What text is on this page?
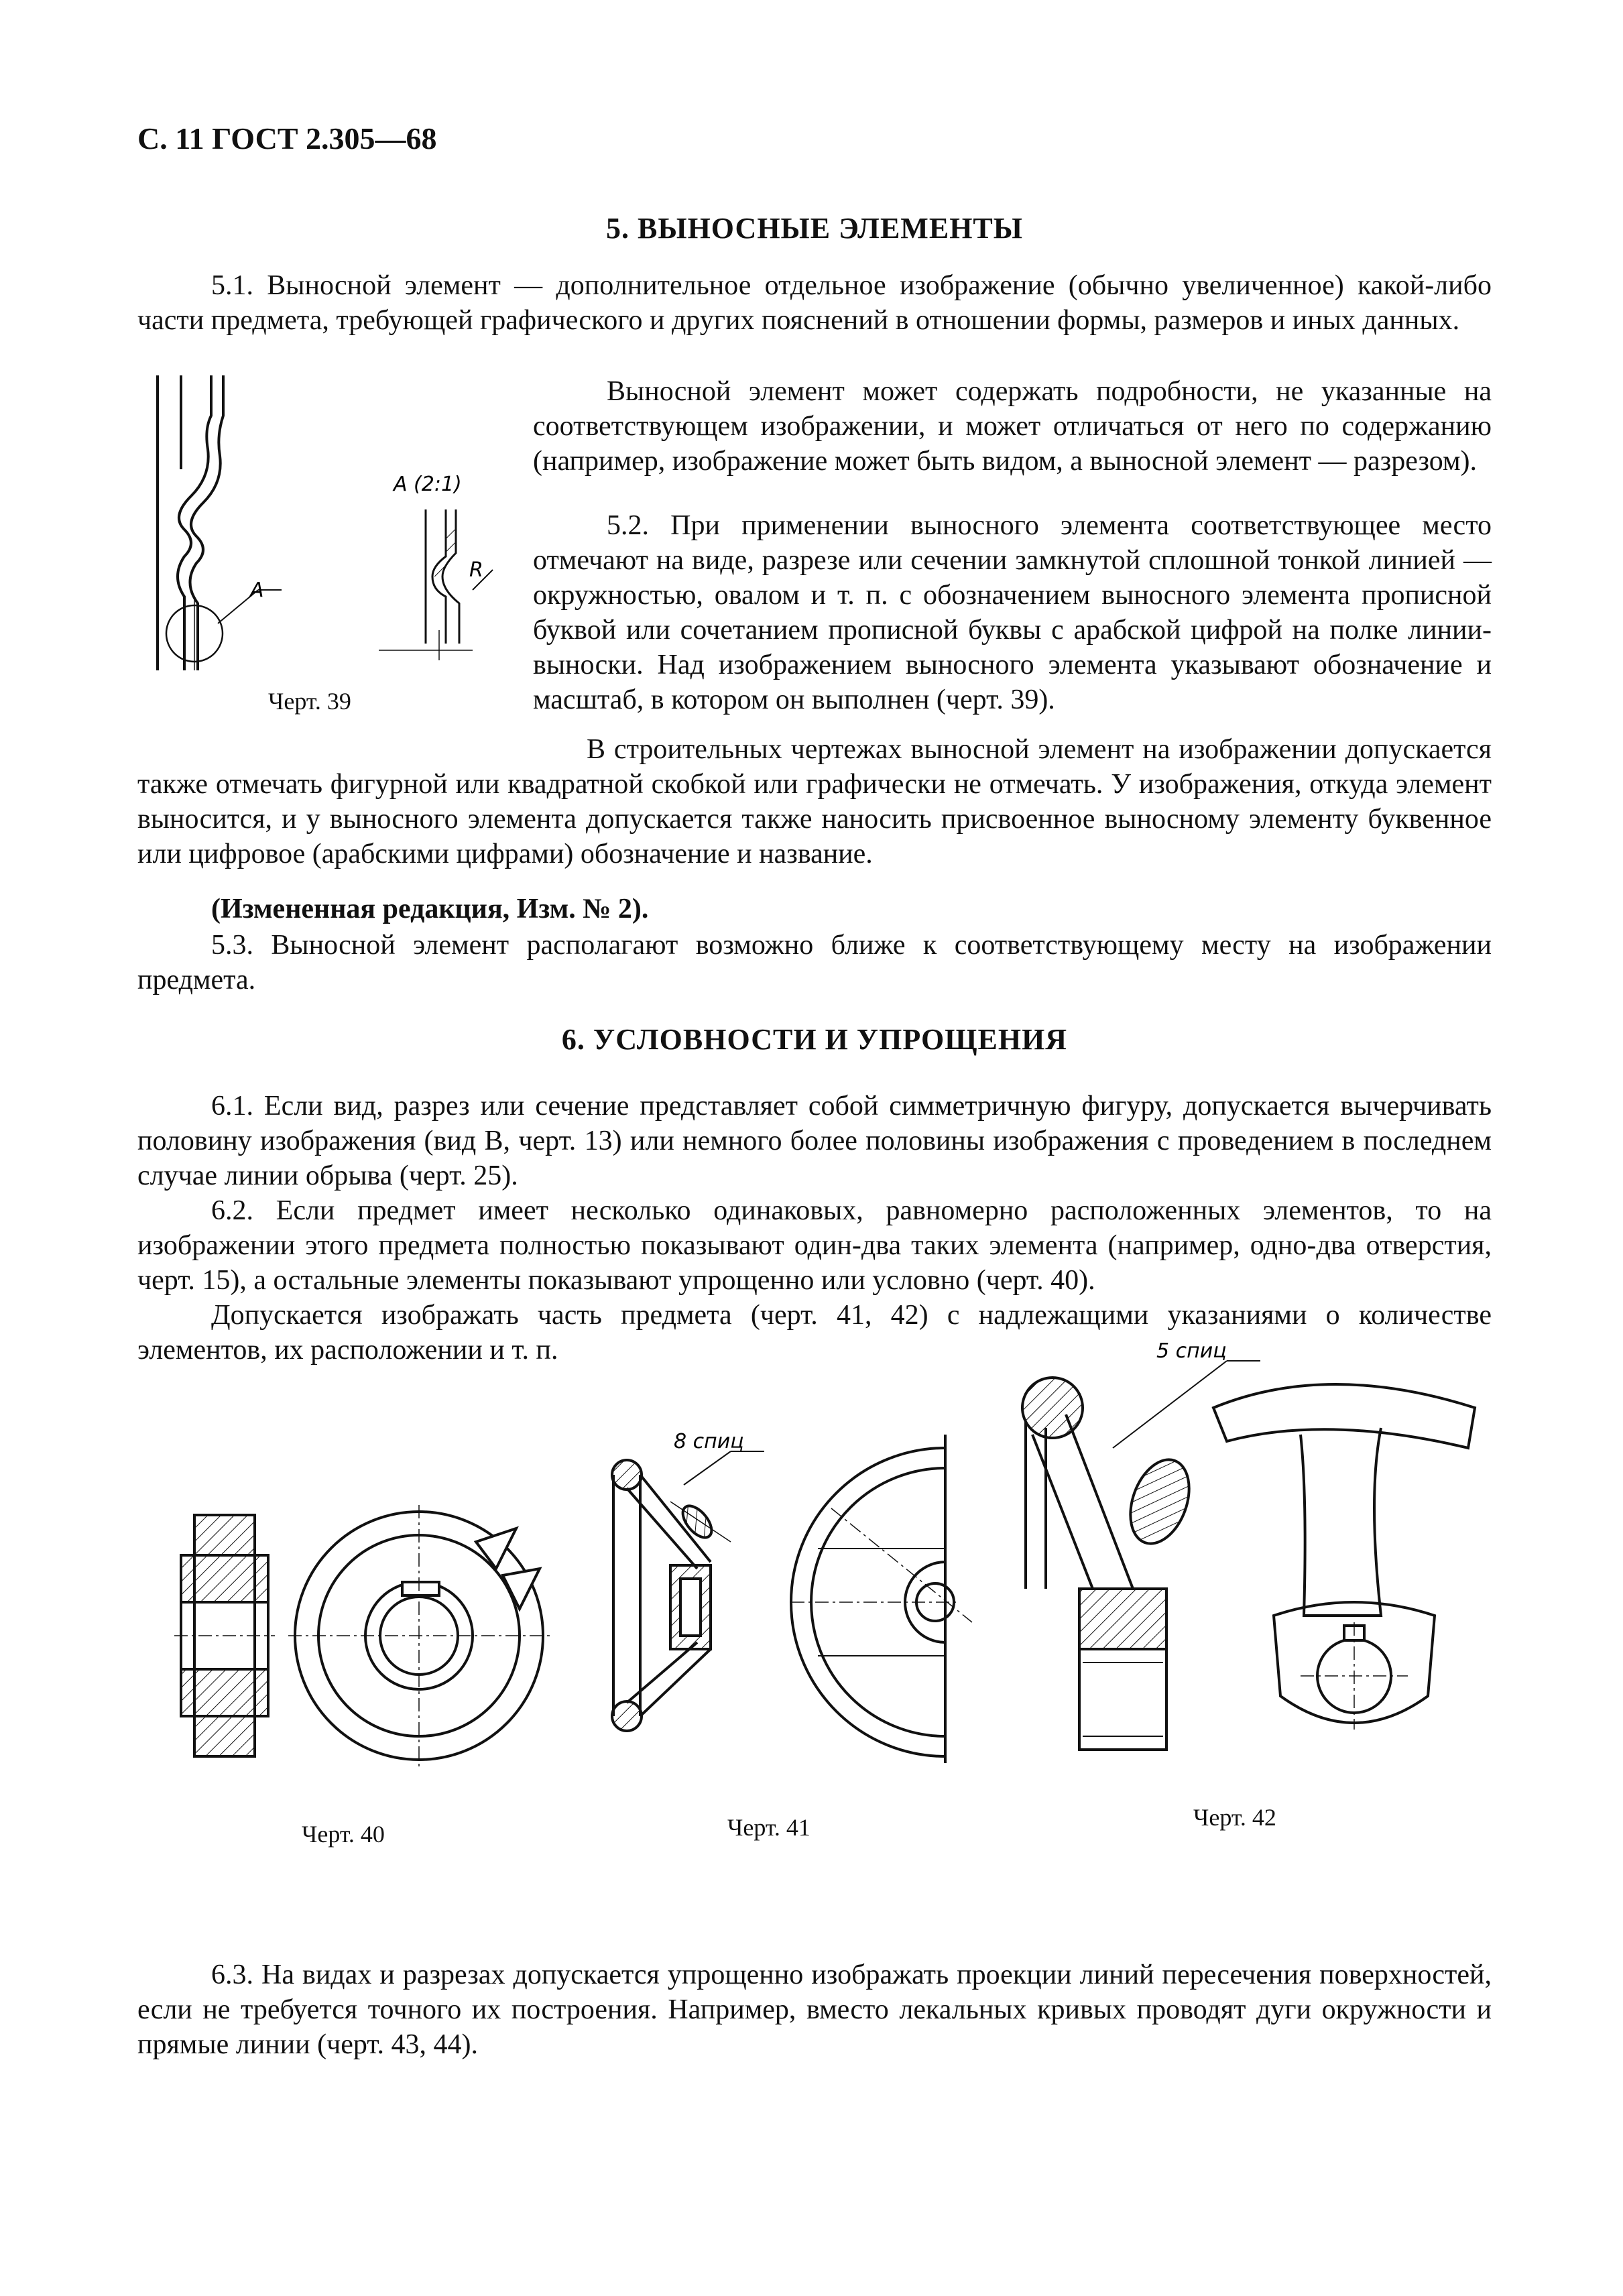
С. 11 ГОСТ 2.305—68

5. ВЫНОСНЫЕ ЭЛЕМЕНТЫ

5.1. Выносной элемент — дополнительное отдельное изображение (обычно увеличенное) какой-либо части предмета, требующей графического и других пояснений в отношении формы, размеров и иных данных.

А
А (2:1)
R

Черт. 39

Выносной элемент может содержать подробности, не указанные на соответствующем изображении, и может отличаться от него по содержанию (например, изображение может быть видом, а выносной элемент — разрезом).

5.2. При применении выносного элемента соответствующее место отмечают на виде, разрезе или сечении замкнутой сплошной тонкой линией — окружностью, овалом и т. п. с обозначением выносного элемента прописной буквой или сочетанием прописной буквы с арабской цифрой на полке линии-выноски. Над изображением выносного элемента указывают обозначение и масштаб, в котором он выполнен (черт. 39).

В строительных чертежах выносной элемент на изображении допускается также отмечать фигурной или квадратной скобкой или графически не отмечать. У изображения, откуда элемент выносится, и у выносного элемента допускается также наносить присвоенное выносному элементу буквенное или цифровое (арабскими цифрами) обозначение и название.

(Измененная редакция, Изм. № 2).

5.3. Выносной элемент располагают возможно ближе к соответствующему месту на изображении предмета.

6. УСЛОВНОСТИ И УПРОЩЕНИЯ

6.1. Если вид, разрез или сечение представляет собой симметричную фигуру, допускается вычерчивать половину изображения (вид В, черт. 13) или немного более половины изображения с проведением в последнем случае линии обрыва (черт. 25).

6.2. Если предмет имеет несколько одинаковых, равномерно расположенных элементов, то на изображении этого предмета полностью показывают один-два таких элемента (например, одно-два отверстия, черт. 15), а остальные элементы показывают упрощенно или условно (черт. 40).

Допускается изображать часть предмета (черт. 41, 42) с надлежащими указаниями о количестве элементов, их расположении и т. п.

Черт. 40

8 спиц

Черт. 41

5 спиц

Черт. 42

6.3. На видах и разрезах допускается упрощенно изображать проекции линий пересечения поверхностей, если не требуется точного их построения. Например, вместо лекальных кривых проводят дуги окружности и прямые линии (черт. 43, 44).
